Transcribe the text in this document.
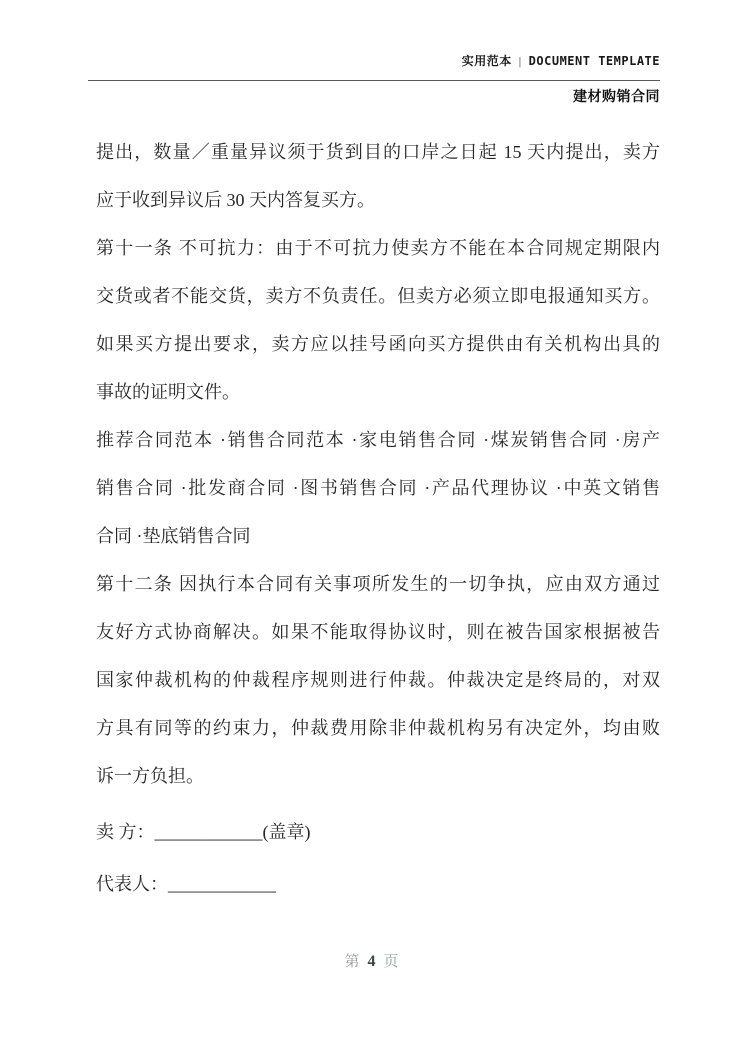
实用范本 | DOCUMENT TEMPLATE
建材购销合同
提出，数量／重量异议须于货到目的口岸之日起 15 天内提出，卖方
应于收到异议后 30 天内答复买方。
第十一条 不可抗力：由于不可抗力使卖方不能在本合同规定期限内
交货或者不能交货，卖方不负责任。但卖方必须立即电报通知买方。
如果买方提出要求，卖方应以挂号函向买方提供由有关机构出具的
事故的证明文件。
推荐合同范本 ·销售合同范本 ·家电销售合同 ·煤炭销售合同 ·房产
销售合同 ·批发商合同 ·图书销售合同 ·产品代理协议 ·中英文销售
合同 ·垫底销售合同
第十二条 因执行本合同有关事项所发生的一切争执，应由双方通过
友好方式协商解决。如果不能取得协议时，则在被告国家根据被告
国家仲裁机构的仲裁程序规则进行仲裁。仲裁决定是终局的，对双
方具有同等的约束力，仲裁费用除非仲裁机构另有决定外，均由败
诉一方负担。
卖 方：____________(盖章)
代表人：____________
第 4 页
